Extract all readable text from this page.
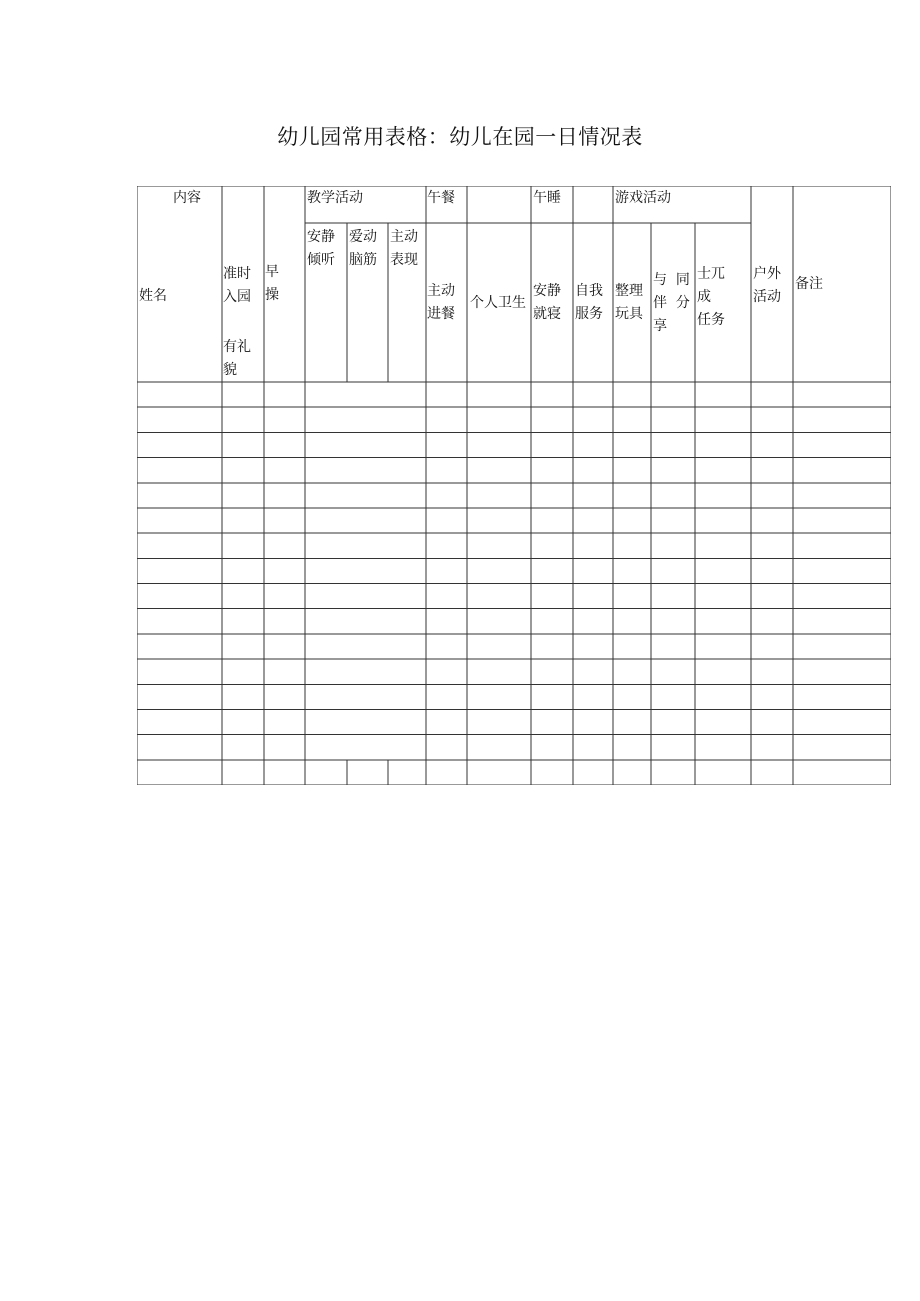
幼儿园常用表格：幼儿在园一日情况表
内容
姓名
准时
入园
有礼
貌
早
操
教学活动
安静
倾听
爱动
脑筋
主动
表现
午餐
主动
进餐
个人卫生
午睡
安静
就寝
自我
服务
游戏活动
整理
玩具
与  同
伴  分
享
士兀
成
任务
户外
活动
备注
